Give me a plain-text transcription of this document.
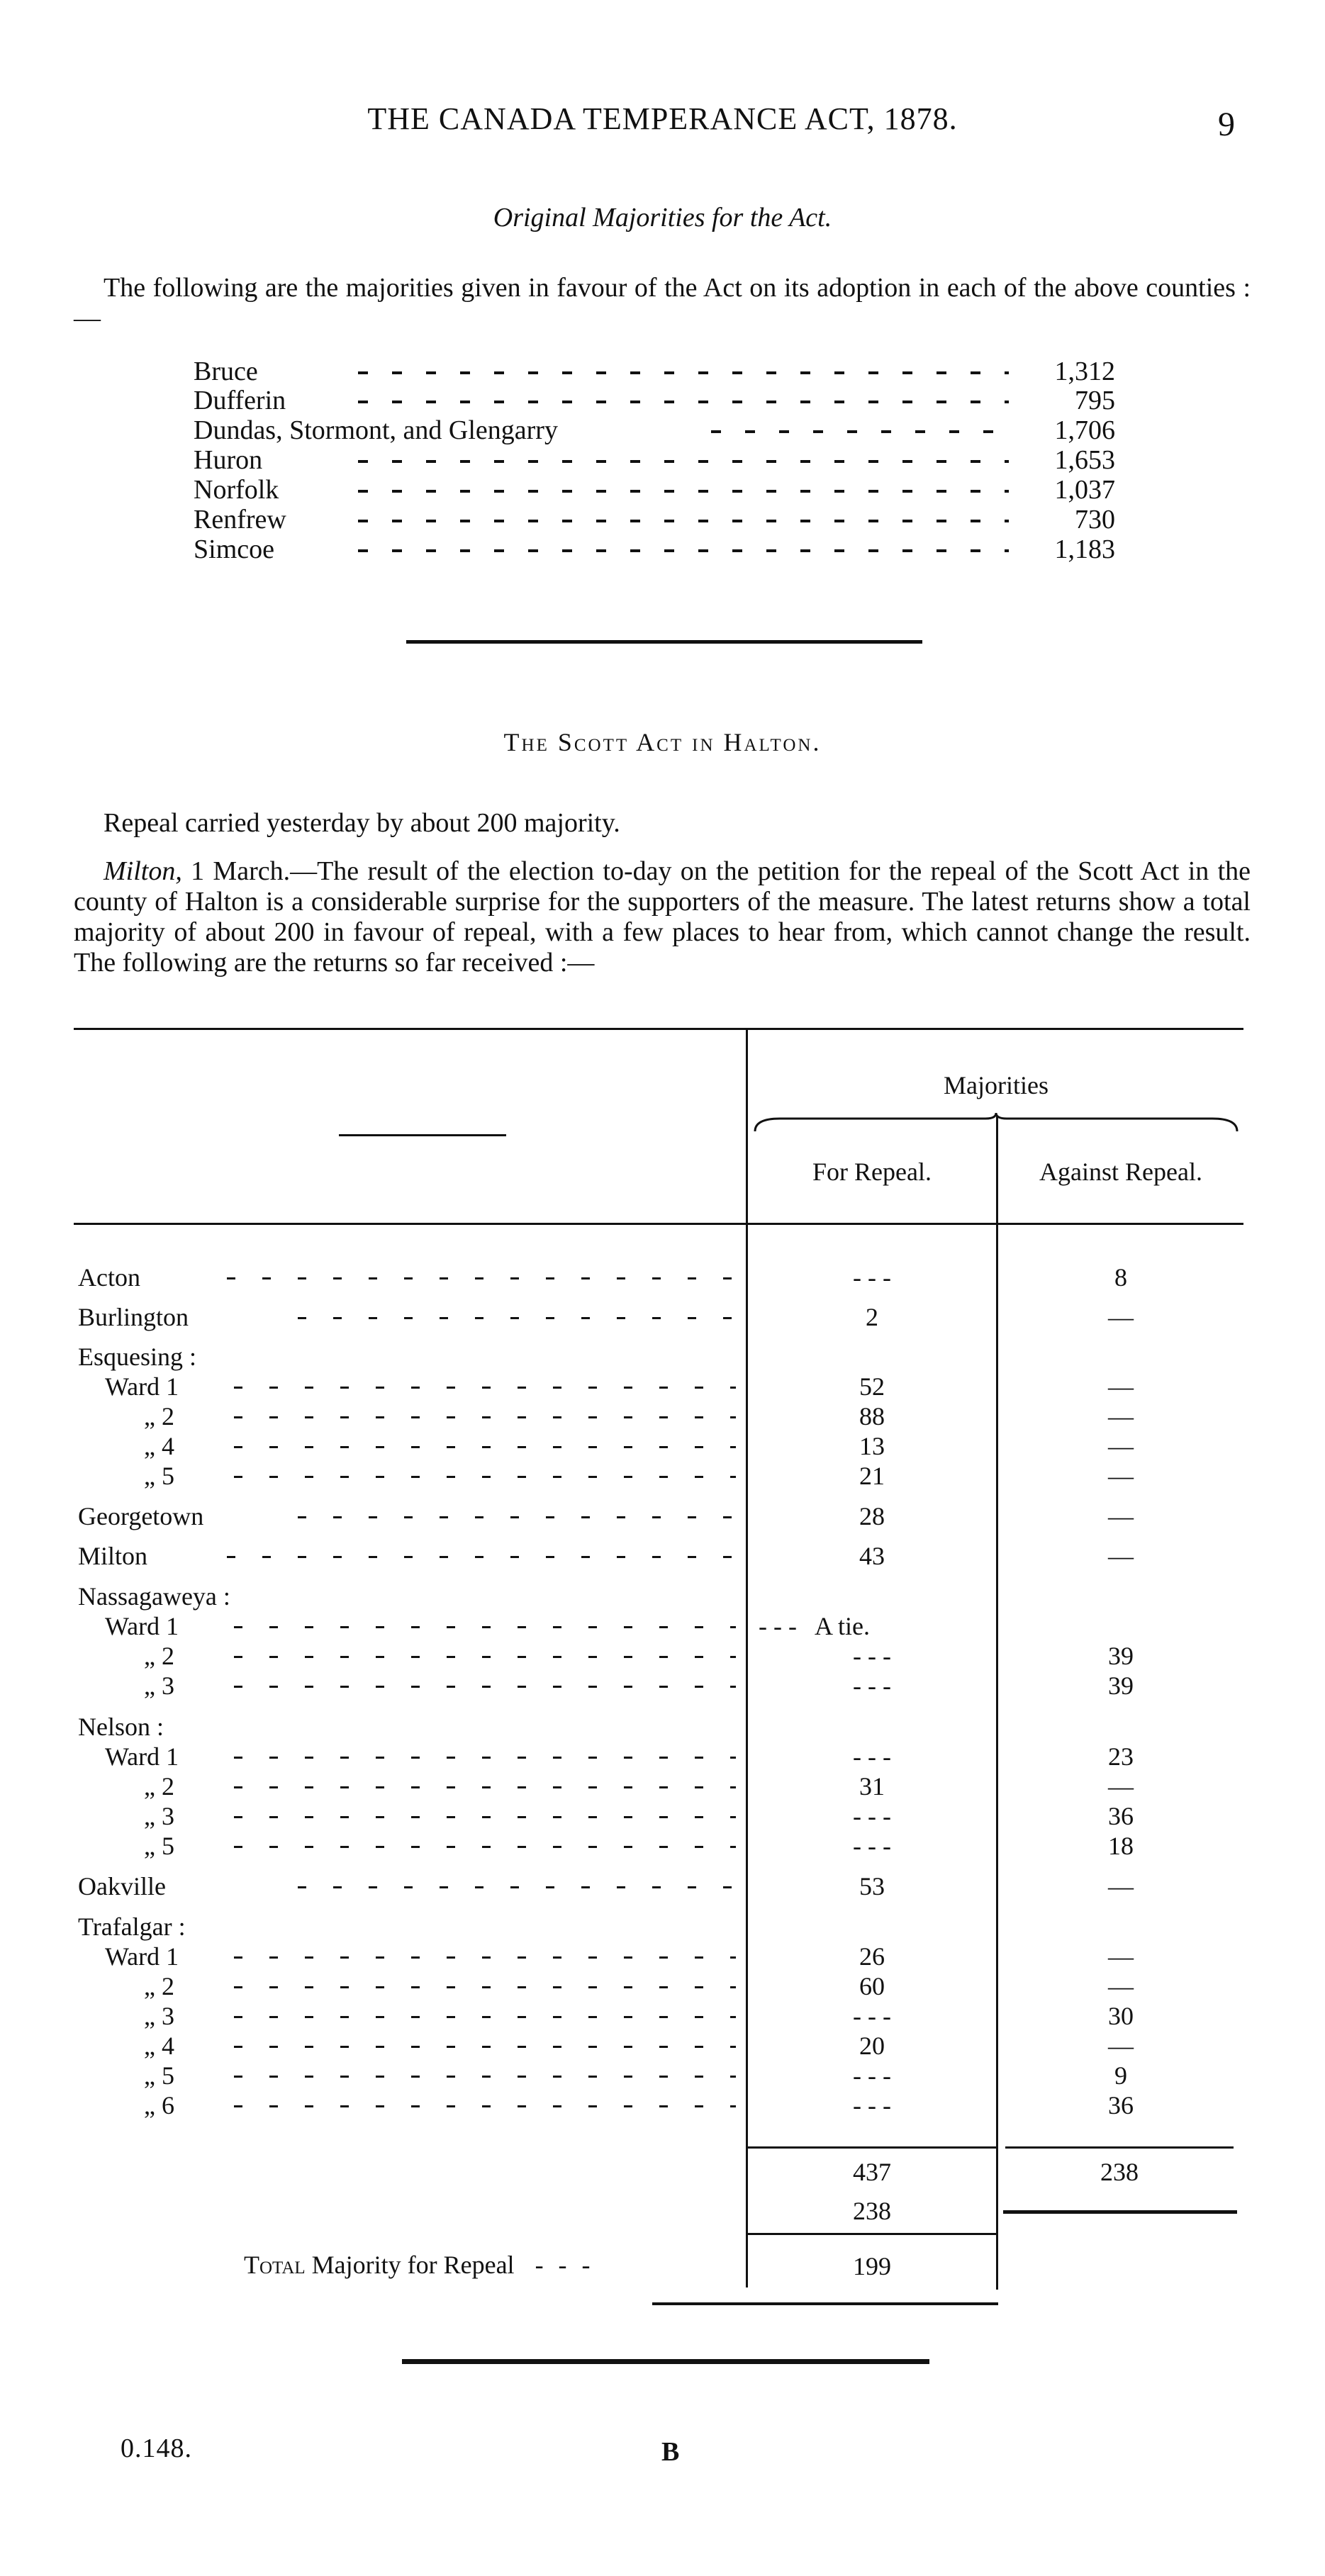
THE CANADA TEMPERANCE ACT, 1878.	9
Original Majorities for the Act.

The following are the majorities given in favour of the Act on its adoption in each of the above counties :—

Bruce	1,312
Dufferin	795
Dundas, Stormont, and Glengarry	1,706
Huron	1,653
Norfolk	1,037
Renfrew	730
Simcoe	1,183
The Scott Act in Halton.

Repeal carried yesterday by about 200 majority.

Milton, 1 March.—The result of the election to-day on the petition for the repeal of the Scott Act in the county of Halton is a considerable surprise for the supporters of the measure. The latest returns show a total majority of about 200 in favour of repeal, with a few places to hear from, which cannot change the result. The following are the returns so far received :—

Majorities
For Repeal.	Against Repeal.
Acton	- - -	8
Burlington	2	—
Esquesing :
Ward 1	52	—
„ 2	88	—
„ 4	13	—
„ 5	21	—
Georgetown	28	—
Milton	43	—
Nassagaweya :
Ward 1	- - -   A tie.
„ 2	- - -	39
„ 3	- - -	39
Nelson :
Ward 1	- - -	23
„ 2	31	—
„ 3	- - -	36
„ 5	- - -	18
Oakville	53	—
Trafalgar :
Ward 1	26	—
„ 2	60	—
„ 3	- - -	30
„ 4	20	—
„ 5	- - -	9
„ 6	- - -	36
437	238
238
Total Majority for Repeal - - -	199
0.148.	B
